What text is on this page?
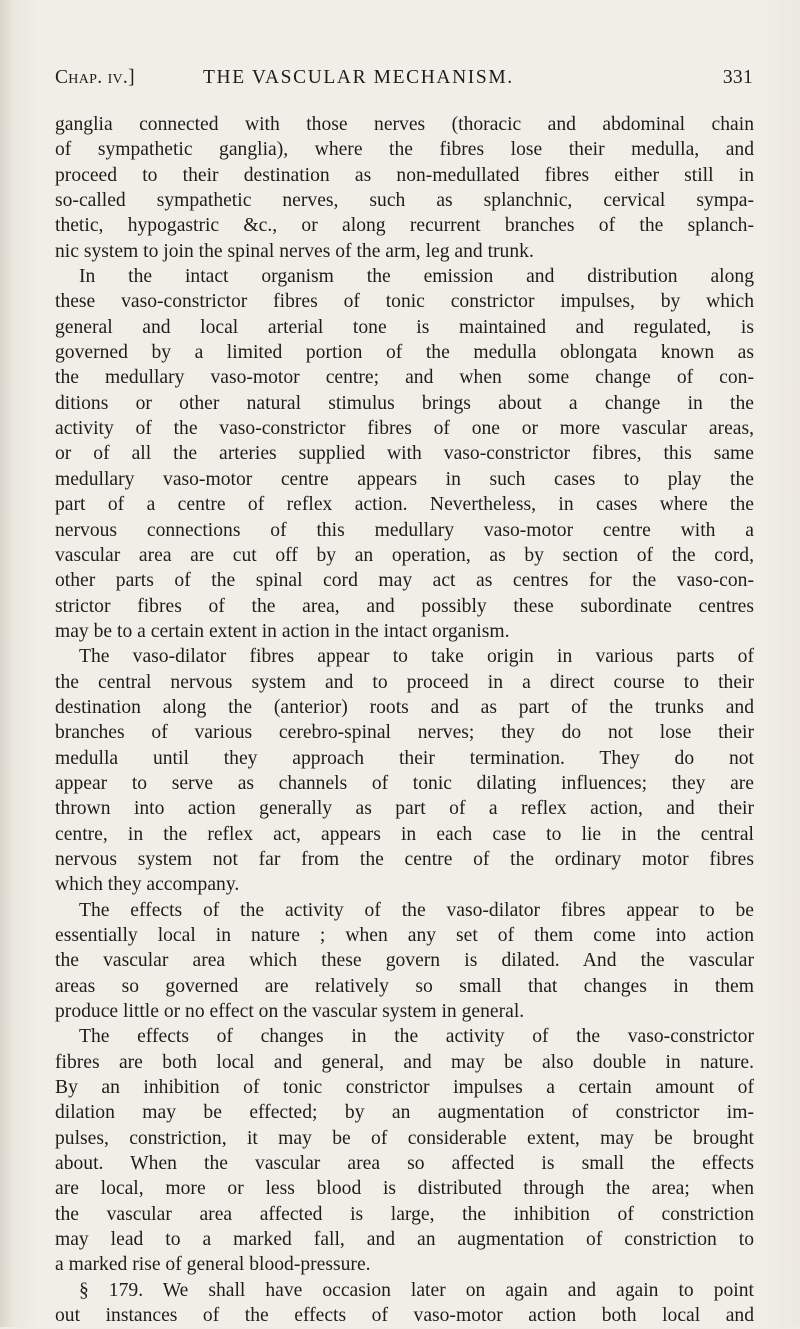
Chap. iv.]	THE VASCULAR MECHANISM.	331
ganglia connected with those nerves (thoracic and abdominal chain
of sympathetic ganglia), where the fibres lose their medulla, and
proceed to their destination as non-medullated fibres either still in
so-called sympathetic nerves, such as splanchnic, cervical sympa-
thetic, hypogastric &c., or along recurrent branches of the splanch-
nic system to join the spinal nerves of the arm, leg and trunk.
In the intact organism the emission and distribution along
these vaso-constrictor fibres of tonic constrictor impulses, by which
general and local arterial tone is maintained and regulated, is
governed by a limited portion of the medulla oblongata known as
the medullary vaso-motor centre; and when some change of con-
ditions or other natural stimulus brings about a change in the
activity of the vaso-constrictor fibres of one or more vascular areas,
or of all the arteries supplied with vaso-constrictor fibres, this same
medullary vaso-motor centre appears in such cases to play the
part of a centre of reflex action. Nevertheless, in cases where the
nervous connections of this medullary vaso-motor centre with a
vascular area are cut off by an operation, as by section of the cord,
other parts of the spinal cord may act as centres for the vaso-con-
strictor fibres of the area, and possibly these subordinate centres
may be to a certain extent in action in the intact organism.
The vaso-dilator fibres appear to take origin in various parts of
the central nervous system and to proceed in a direct course to their
destination along the (anterior) roots and as part of the trunks and
branches of various cerebro-spinal nerves; they do not lose their
medulla until they approach their termination. They do not
appear to serve as channels of tonic dilating influences; they are
thrown into action generally as part of a reflex action, and their
centre, in the reflex act, appears in each case to lie in the central
nervous system not far from the centre of the ordinary motor fibres
which they accompany.
The effects of the activity of the vaso-dilator fibres appear to be
essentially local in nature ; when any set of them come into action
the vascular area which these govern is dilated. And the vascular
areas so governed are relatively so small that changes in them
produce little or no effect on the vascular system in general.
The effects of changes in the activity of the vaso-constrictor
fibres are both local and general, and may be also double in nature.
By an inhibition of tonic constrictor impulses a certain amount of
dilation may be effected; by an augmentation of constrictor im-
pulses, constriction, it may be of considerable extent, may be brought
about. When the vascular area so affected is small the effects
are local, more or less blood is distributed through the area; when
the vascular area affected is large, the inhibition of constriction
may lead to a marked fall, and an augmentation of constriction to
a marked rise of general blood-pressure.
§ 179. We shall have occasion later on again and again to point
out instances of the effects of vaso-motor action both local and
